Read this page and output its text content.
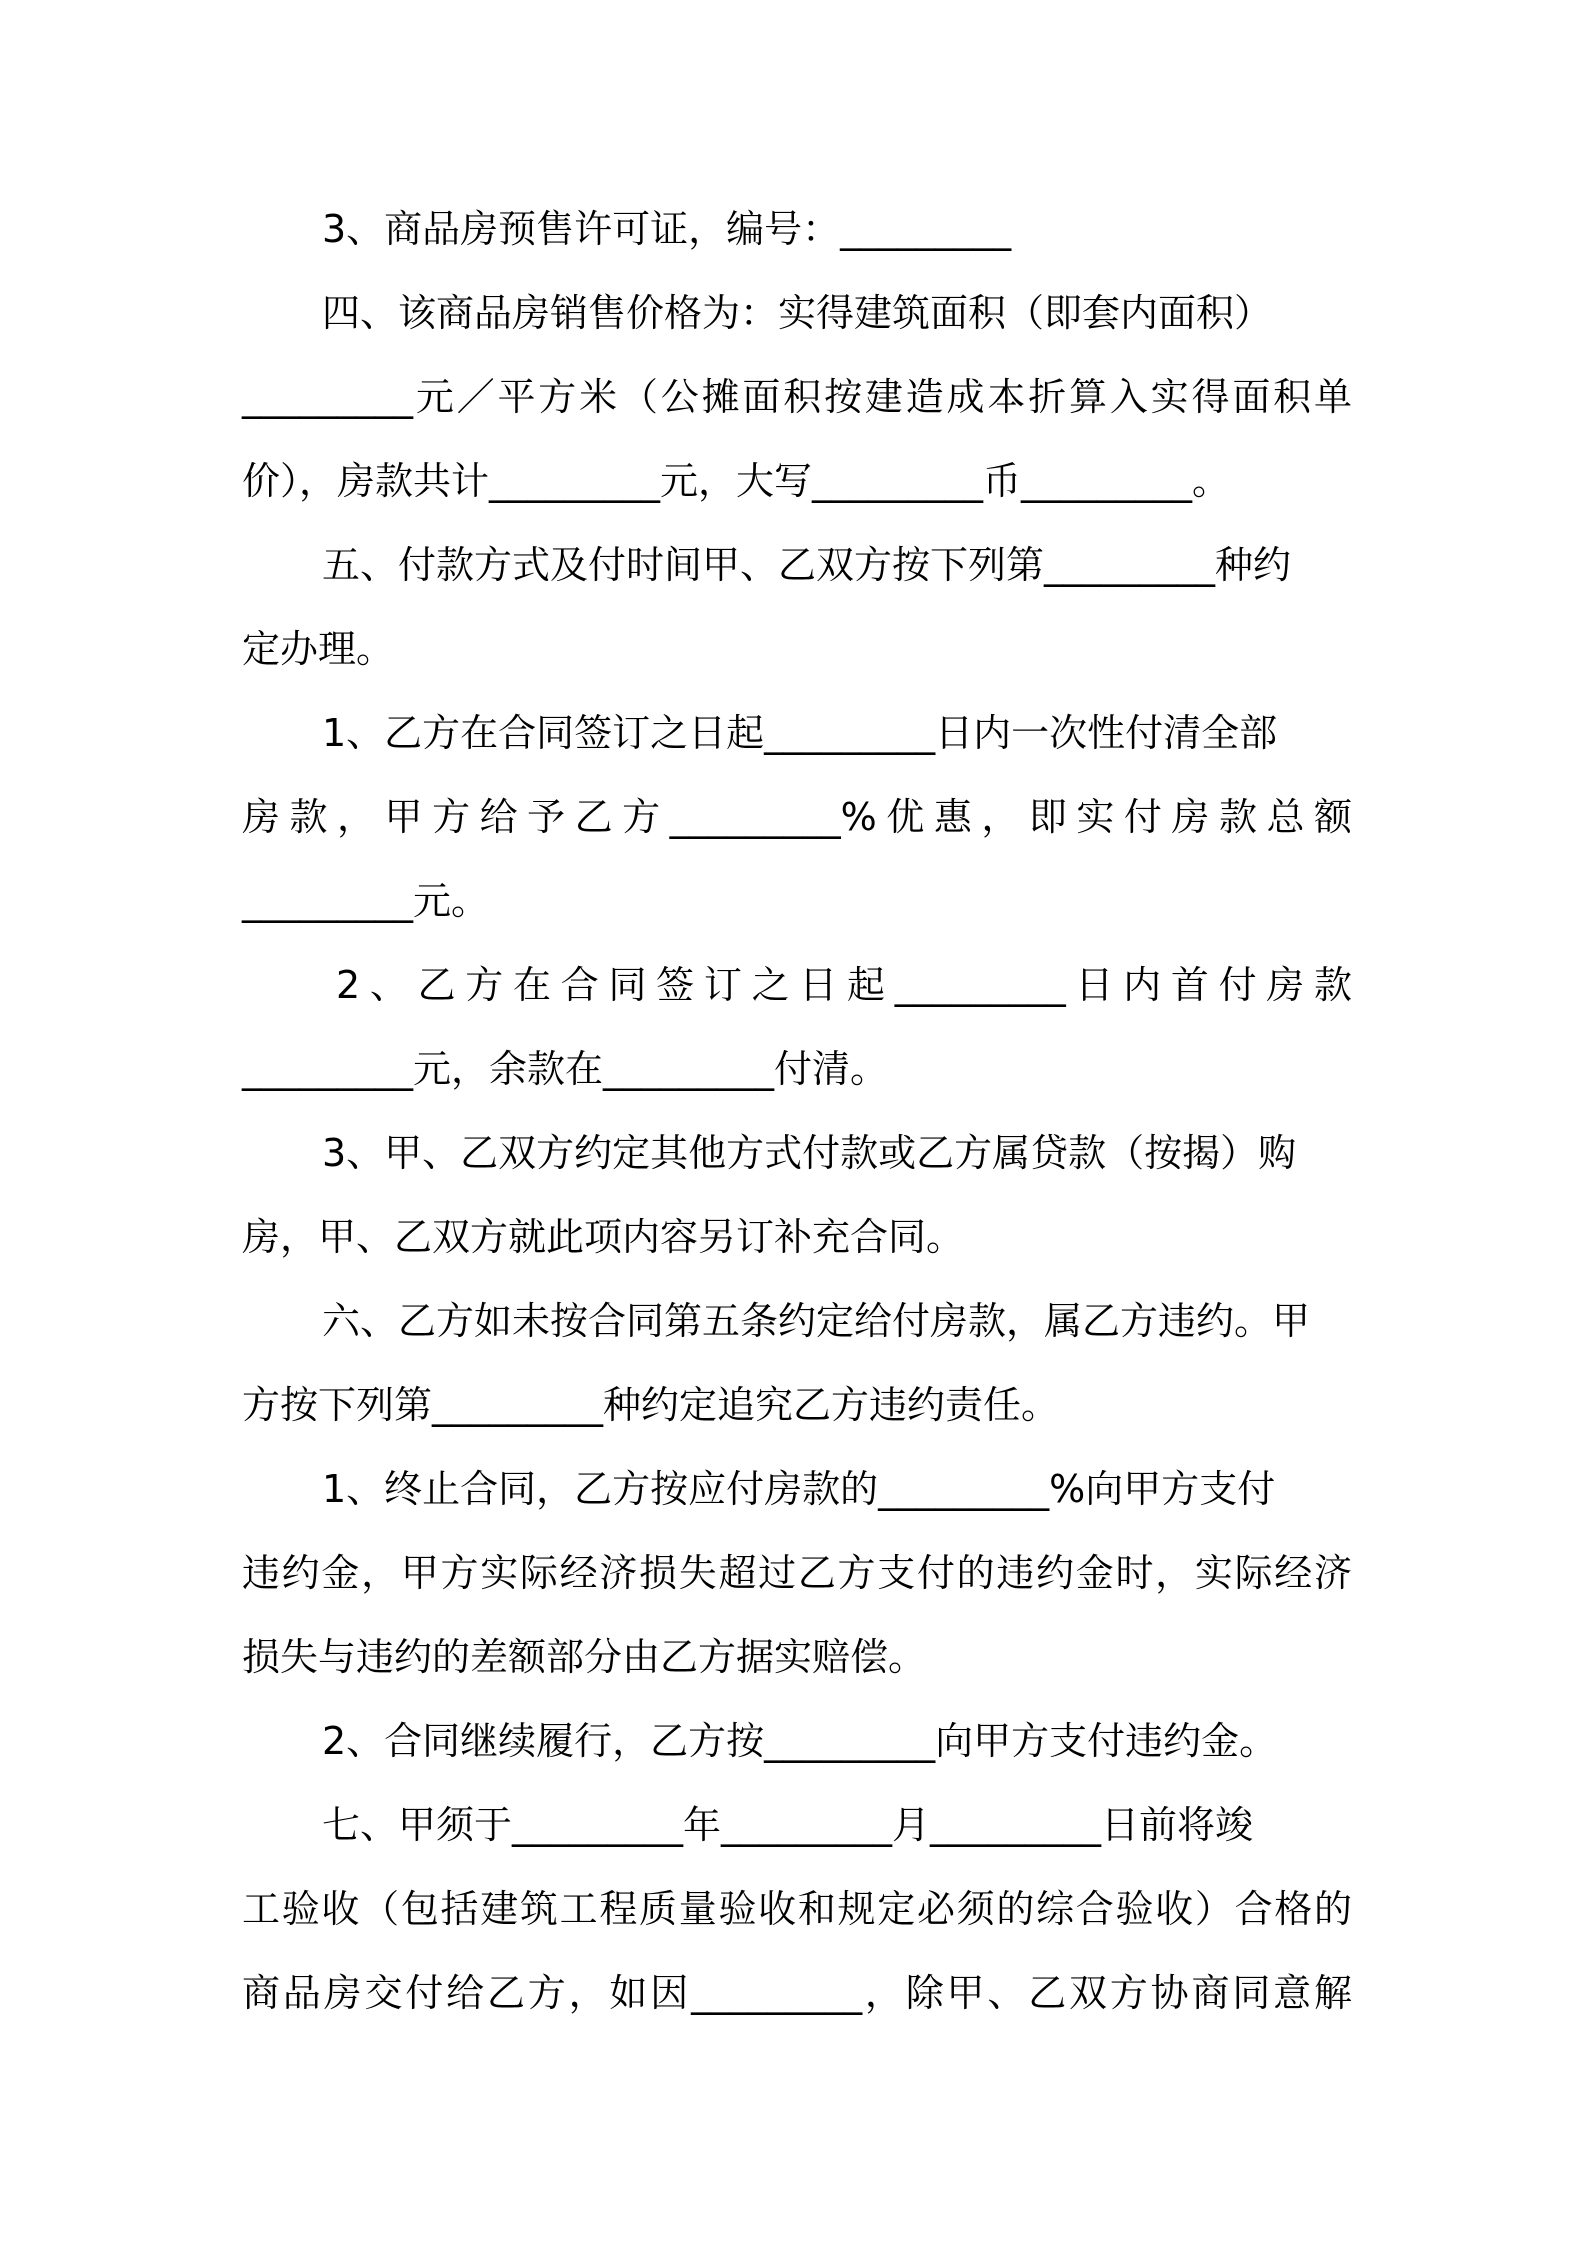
3、商品房预售许可证，编号：_________

四、该商品房销售价格为：实得建筑面积（即套内面积）

_________元／平方米（公摊面积按建造成本折算入实得面积单

价），房款共计_________元，大写_________币_________。

五、付款方式及付时间甲、乙双方按下列第_________种约

定办理。

1、乙方在合同签订之日起_________日内一次性付清全部

房款，甲方给予乙方_________%优惠，即实付房款总额

_________元。

2、乙方在合同签订之日起_________日内首付房款

_________元，余款在_________付清。

3、甲、乙双方约定其他方式付款或乙方属贷款（按揭）购

房，甲、乙双方就此项内容另订补充合同。

六、乙方如未按合同第五条约定给付房款，属乙方违约。甲

方按下列第_________种约定追究乙方违约责任。

1、终止合同，乙方按应付房款的_________%向甲方支付

违约金，甲方实际经济损失超过乙方支付的违约金时，实际经济

损失与违约的差额部分由乙方据实赔偿。

2、合同继续履行，乙方按_________向甲方支付违约金。

七、甲须于_________年_________月_________日前将竣

工验收（包括建筑工程质量验收和规定必须的综合验收）合格的

商品房交付给乙方，如因_________，除甲、乙双方协商同意解
